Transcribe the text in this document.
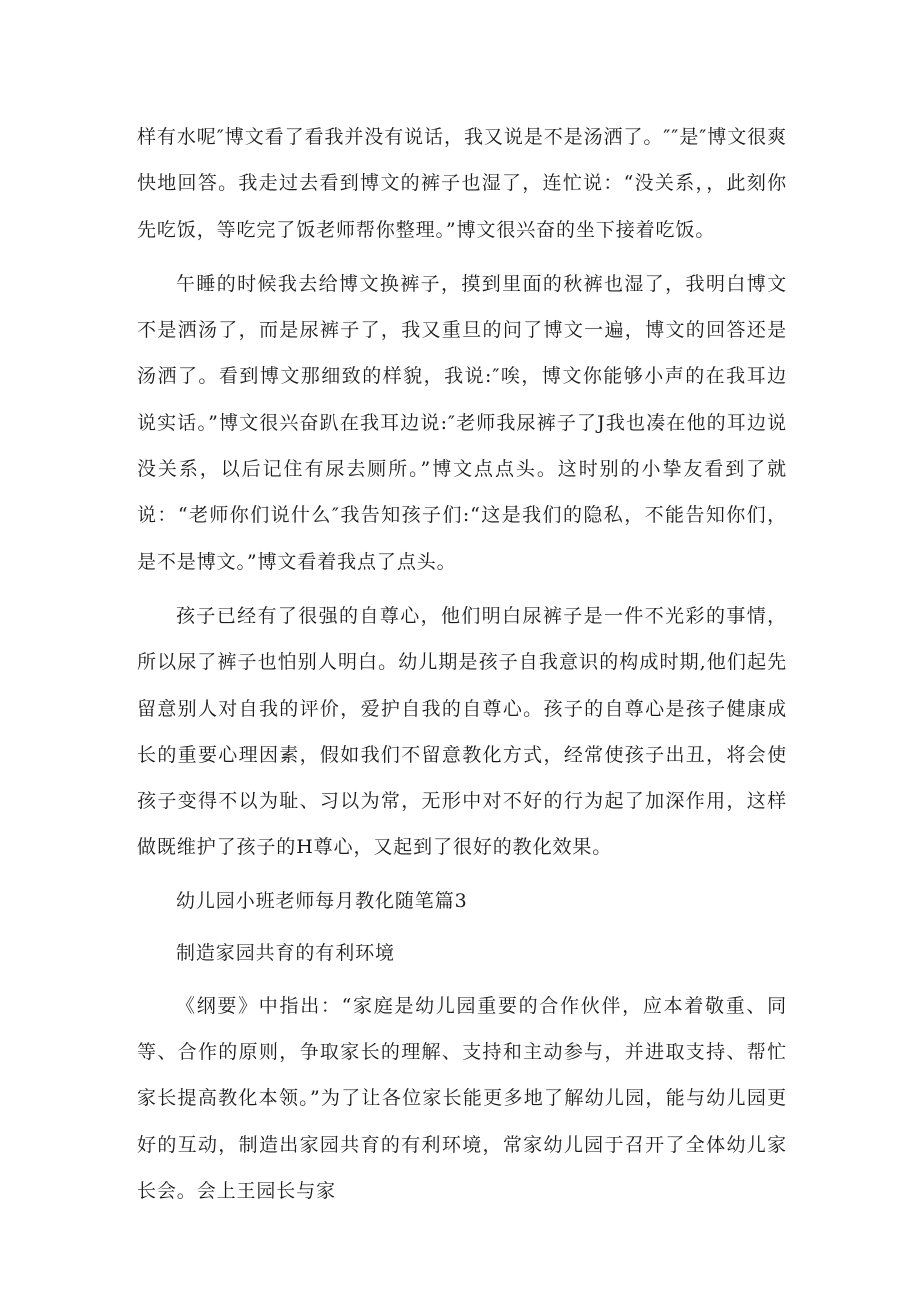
样有水呢″博文看了看我并没有说话，我又说是不是汤洒了。″″是″博文很爽快地回答。我走过去看到博文的裤子也湿了，连忙说：“没关系，，此刻你先吃饭，等吃完了饭老师帮你整理。”博文很兴奋的坐下接着吃饭。

午睡的时候我去给博文换裤子，摸到里面的秋裤也湿了，我明白博文不是洒汤了，而是尿裤子了，我又重旦的问了博文一遍，博文的回答还是汤洒了。看到博文那细致的样貌，我说:″唉，博文你能够小声的在我耳边说实话。”博文很兴奋趴在我耳边说:″老师我尿裤子了J我也凑在他的耳边说没关系，以后记住有尿去厕所。”博文点点头。这时别的小挚友看到了就说：“老师你们说什么″我告知孩子们:“这是我们的隐私，不能告知你们，是不是博文。”博文看着我点了点头。

孩子已经有了很强的自尊心，他们明白尿裤子是一件不光彩的事情，所以尿了裤子也怕别人明白。幼儿期是孩子自我意识的构成时期,他们起先留意别人对自我的评价，爱护自我的自尊心。孩子的自尊心是孩子健康成长的重要心理因素，假如我们不留意教化方式，经常使孩子出丑，将会使孩子变得不以为耻、习以为常，无形中对不好的行为起了加深作用，这样做既维护了孩子的H尊心，又起到了很好的教化效果。

幼儿园小班老师每月教化随笔篇3

制造家园共育的有利环境

《纲要》中指出：“家庭是幼儿园重要的合作伙伴，应本着敬重、同等、合作的原则，争取家长的理解、支持和主动参与，并进取支持、帮忙家长提高教化本领。”为了让各位家长能更多地了解幼儿园，能与幼儿园更好的互动，制造出家园共育的有利环境，常家幼儿园于召开了全体幼儿家长会。会上王园长与家
